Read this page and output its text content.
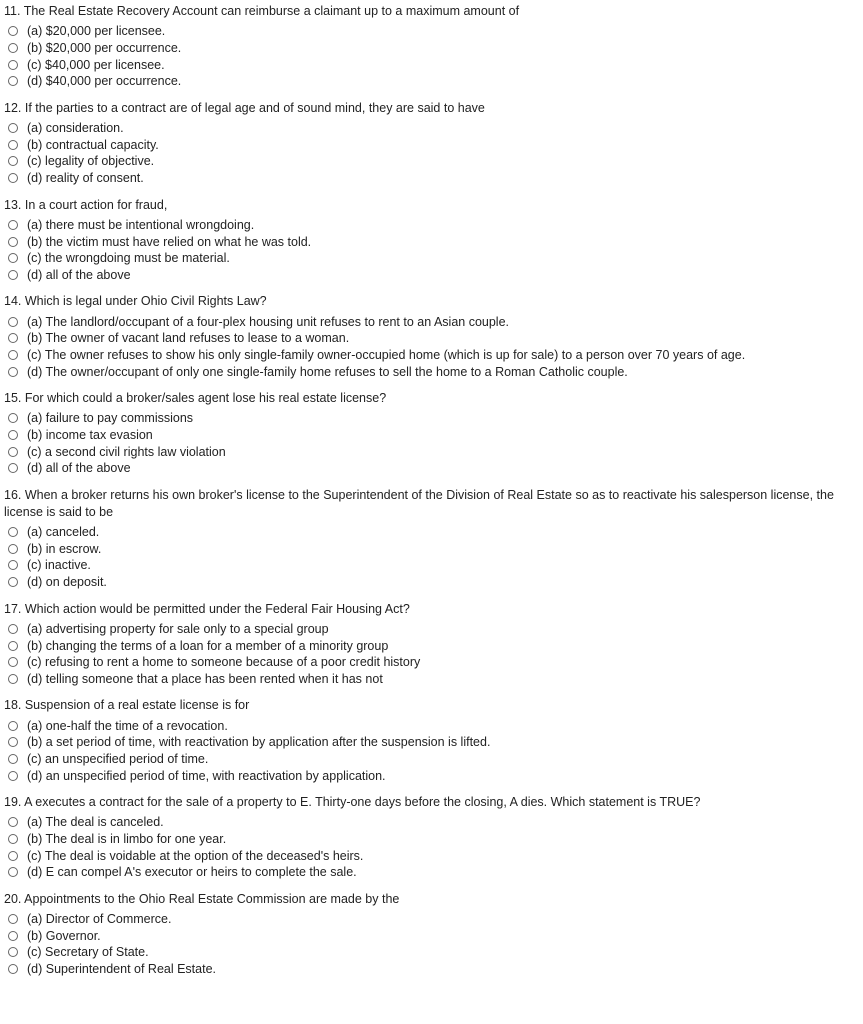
11. The Real Estate Recovery Account can reimburse a claimant up to a maximum amount of
(a) $20,000 per licensee.
(b) $20,000 per occurrence.
(c) $40,000 per licensee.
(d) $40,000 per occurrence.
12. If the parties to a contract are of legal age and of sound mind, they are said to have
(a) consideration.
(b) contractual capacity.
(c) legality of objective.
(d) reality of consent.
13. In a court action for fraud,
(a) there must be intentional wrongdoing.
(b) the victim must have relied on what he was told.
(c) the wrongdoing must be material.
(d) all of the above
14. Which is legal under Ohio Civil Rights Law?
(a) The landlord/occupant of a four-plex housing unit refuses to rent to an Asian couple.
(b) The owner of vacant land refuses to lease to a woman.
(c) The owner refuses to show his only single-family owner-occupied home (which is up for sale) to a person over 70 years of age.
(d) The owner/occupant of only one single-family home refuses to sell the home to a Roman Catholic couple.
15. For which could a broker/sales agent lose his real estate license?
(a) failure to pay commissions
(b) income tax evasion
(c) a second civil rights law violation
(d) all of the above
16. When a broker returns his own broker's license to the Superintendent of the Division of Real Estate so as to reactivate his salesperson license, the license is said to be
(a) canceled.
(b) in escrow.
(c) inactive.
(d) on deposit.
17. Which action would be permitted under the Federal Fair Housing Act?
(a) advertising property for sale only to a special group
(b) changing the terms of a loan for a member of a minority group
(c) refusing to rent a home to someone because of a poor credit history
(d) telling someone that a place has been rented when it has not
18. Suspension of a real estate license is for
(a) one-half the time of a revocation.
(b) a set period of time, with reactivation by application after the suspension is lifted.
(c) an unspecified period of time.
(d) an unspecified period of time, with reactivation by application.
19. A executes a contract for the sale of a property to E. Thirty-one days before the closing, A dies. Which statement is TRUE?
(a) The deal is canceled.
(b) The deal is in limbo for one year.
(c) The deal is voidable at the option of the deceased's heirs.
(d) E can compel A's executor or heirs to complete the sale.
20. Appointments to the Ohio Real Estate Commission are made by the
(a) Director of Commerce.
(b) Governor.
(c) Secretary of State.
(d) Superintendent of Real Estate.
